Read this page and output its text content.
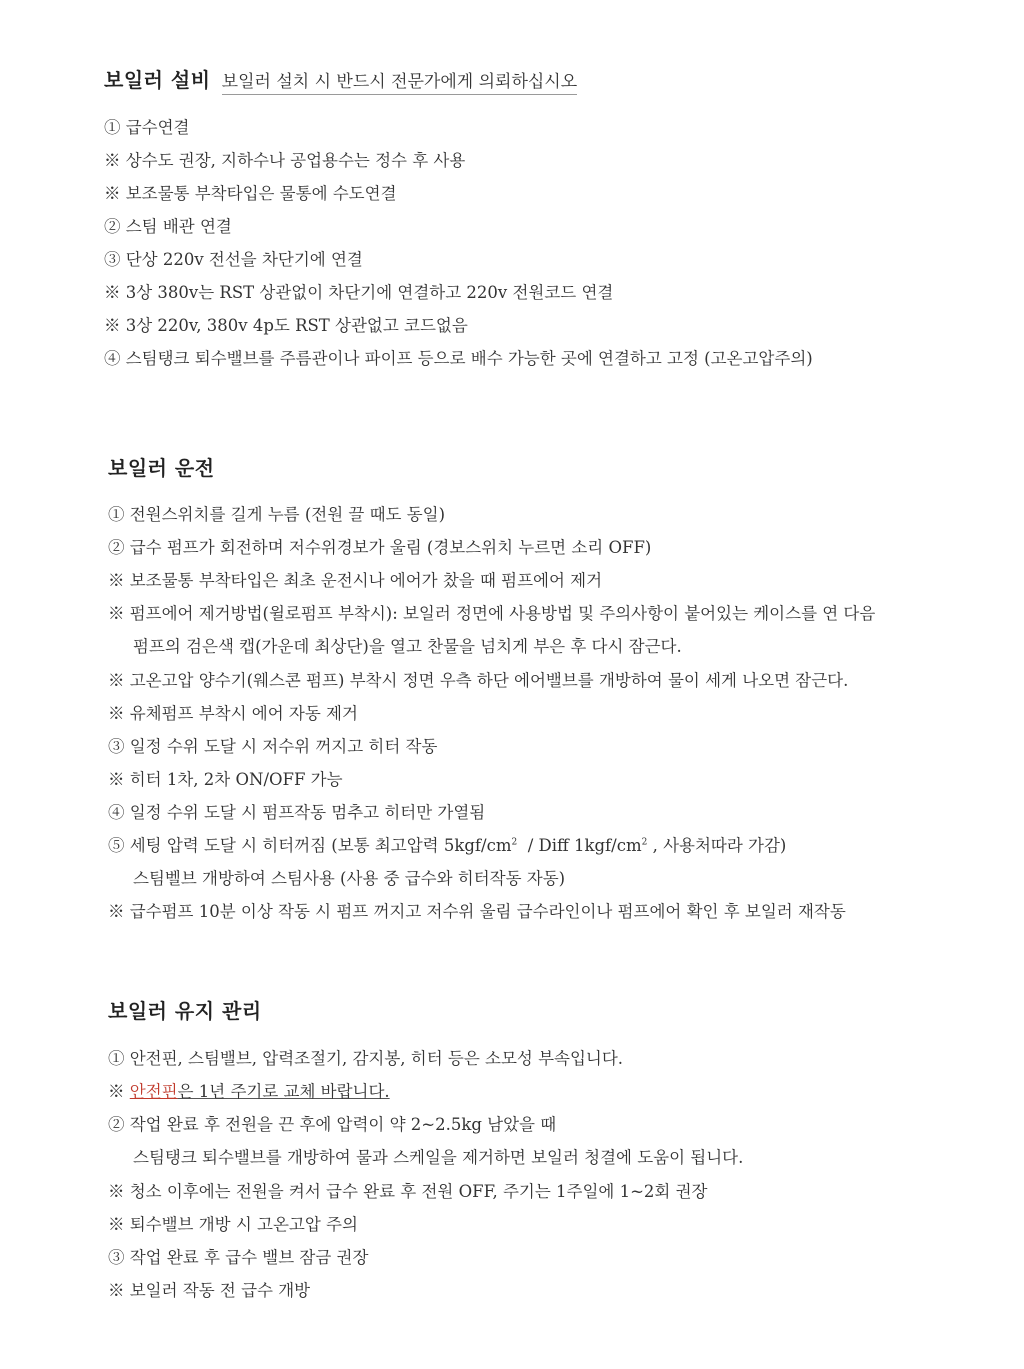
보일러 설비 보일러 설치 시 반드시 전문가에게 의뢰하십시오
① 급수연결
※ 상수도 권장, 지하수나 공업용수는 정수 후 사용
※ 보조물통 부착타입은 물통에 수도연결
② 스팀 배관 연결
③ 단상 220v 전선을 차단기에 연결
※ 3상 380v는 RST 상관없이 차단기에 연결하고 220v 전원코드 연결
※ 3상 220v, 380v 4p도 RST 상관없고 코드없음
④ 스팀탱크 퇴수밸브를 주름관이나 파이프 등으로 배수 가능한 곳에 연결하고 고정 (고온고압주의)
보일러 운전
① 전원스위치를 길게 누름 (전원 끌 때도 동일)
② 급수 펌프가 회전하며 저수위경보가 울림 (경보스위치 누르면 소리 OFF)
※ 보조물통 부착타입은 최초 운전시나 에어가 찼을 때 펌프에어 제거
※ 펌프에어 제거방법(윌로펌프 부착시): 보일러 정면에 사용방법 및 주의사항이 붙어있는 케이스를 연 다음
펌프의 검은색 캡(가운데 최상단)을 열고 찬물을 넘치게 부은 후 다시 잠근다.
※ 고온고압 양수기(웨스콘 펌프) 부착시 정면 우측 하단 에어밸브를 개방하여 물이 세게 나오면 잠근다.
※ 유체펌프 부착시 에어 자동 제거
③ 일정 수위 도달 시 저수위 꺼지고 히터 작동
※ 히터 1차, 2차 ON/OFF 가능
④ 일정 수위 도달 시 펌프작동 멈추고 히터만 가열됨
⑤ 세팅 압력 도달 시 히터꺼짐 (보통 최고압력 $5kgf/cm^2$  / Diff $1kgf/cm^2$ , 사용처따라 가감)
스팀벨브 개방하여 스팀사용 (사용 중 급수와 히터작동 자동)
※ 급수펌프 10분 이상 작동 시 펌프 꺼지고 저수위 울림 급수라인이나 펌프에어 확인 후 보일러 재작동
보일러 유지 관리
① 안전핀, 스팀밸브, 압력조절기, 감지봉, 히터 등은 소모성 부속입니다.
※ 안전핀은 1년 주기로 교체 바랍니다.
② 작업 완료 후 전원을 끈 후에 압력이 약 2~2.5kg 남았을 때
스팀탱크 퇴수밸브를 개방하여 물과 스케일을 제거하면 보일러 청결에 도움이 됩니다.
※ 청소 이후에는 전원을 켜서 급수 완료 후 전원 OFF, 주기는 1주일에 1~2회 권장
※ 퇴수밸브 개방 시 고온고압 주의
③ 작업 완료 후 급수 밸브 잠금 권장
※ 보일러 작동 전 급수 개방
